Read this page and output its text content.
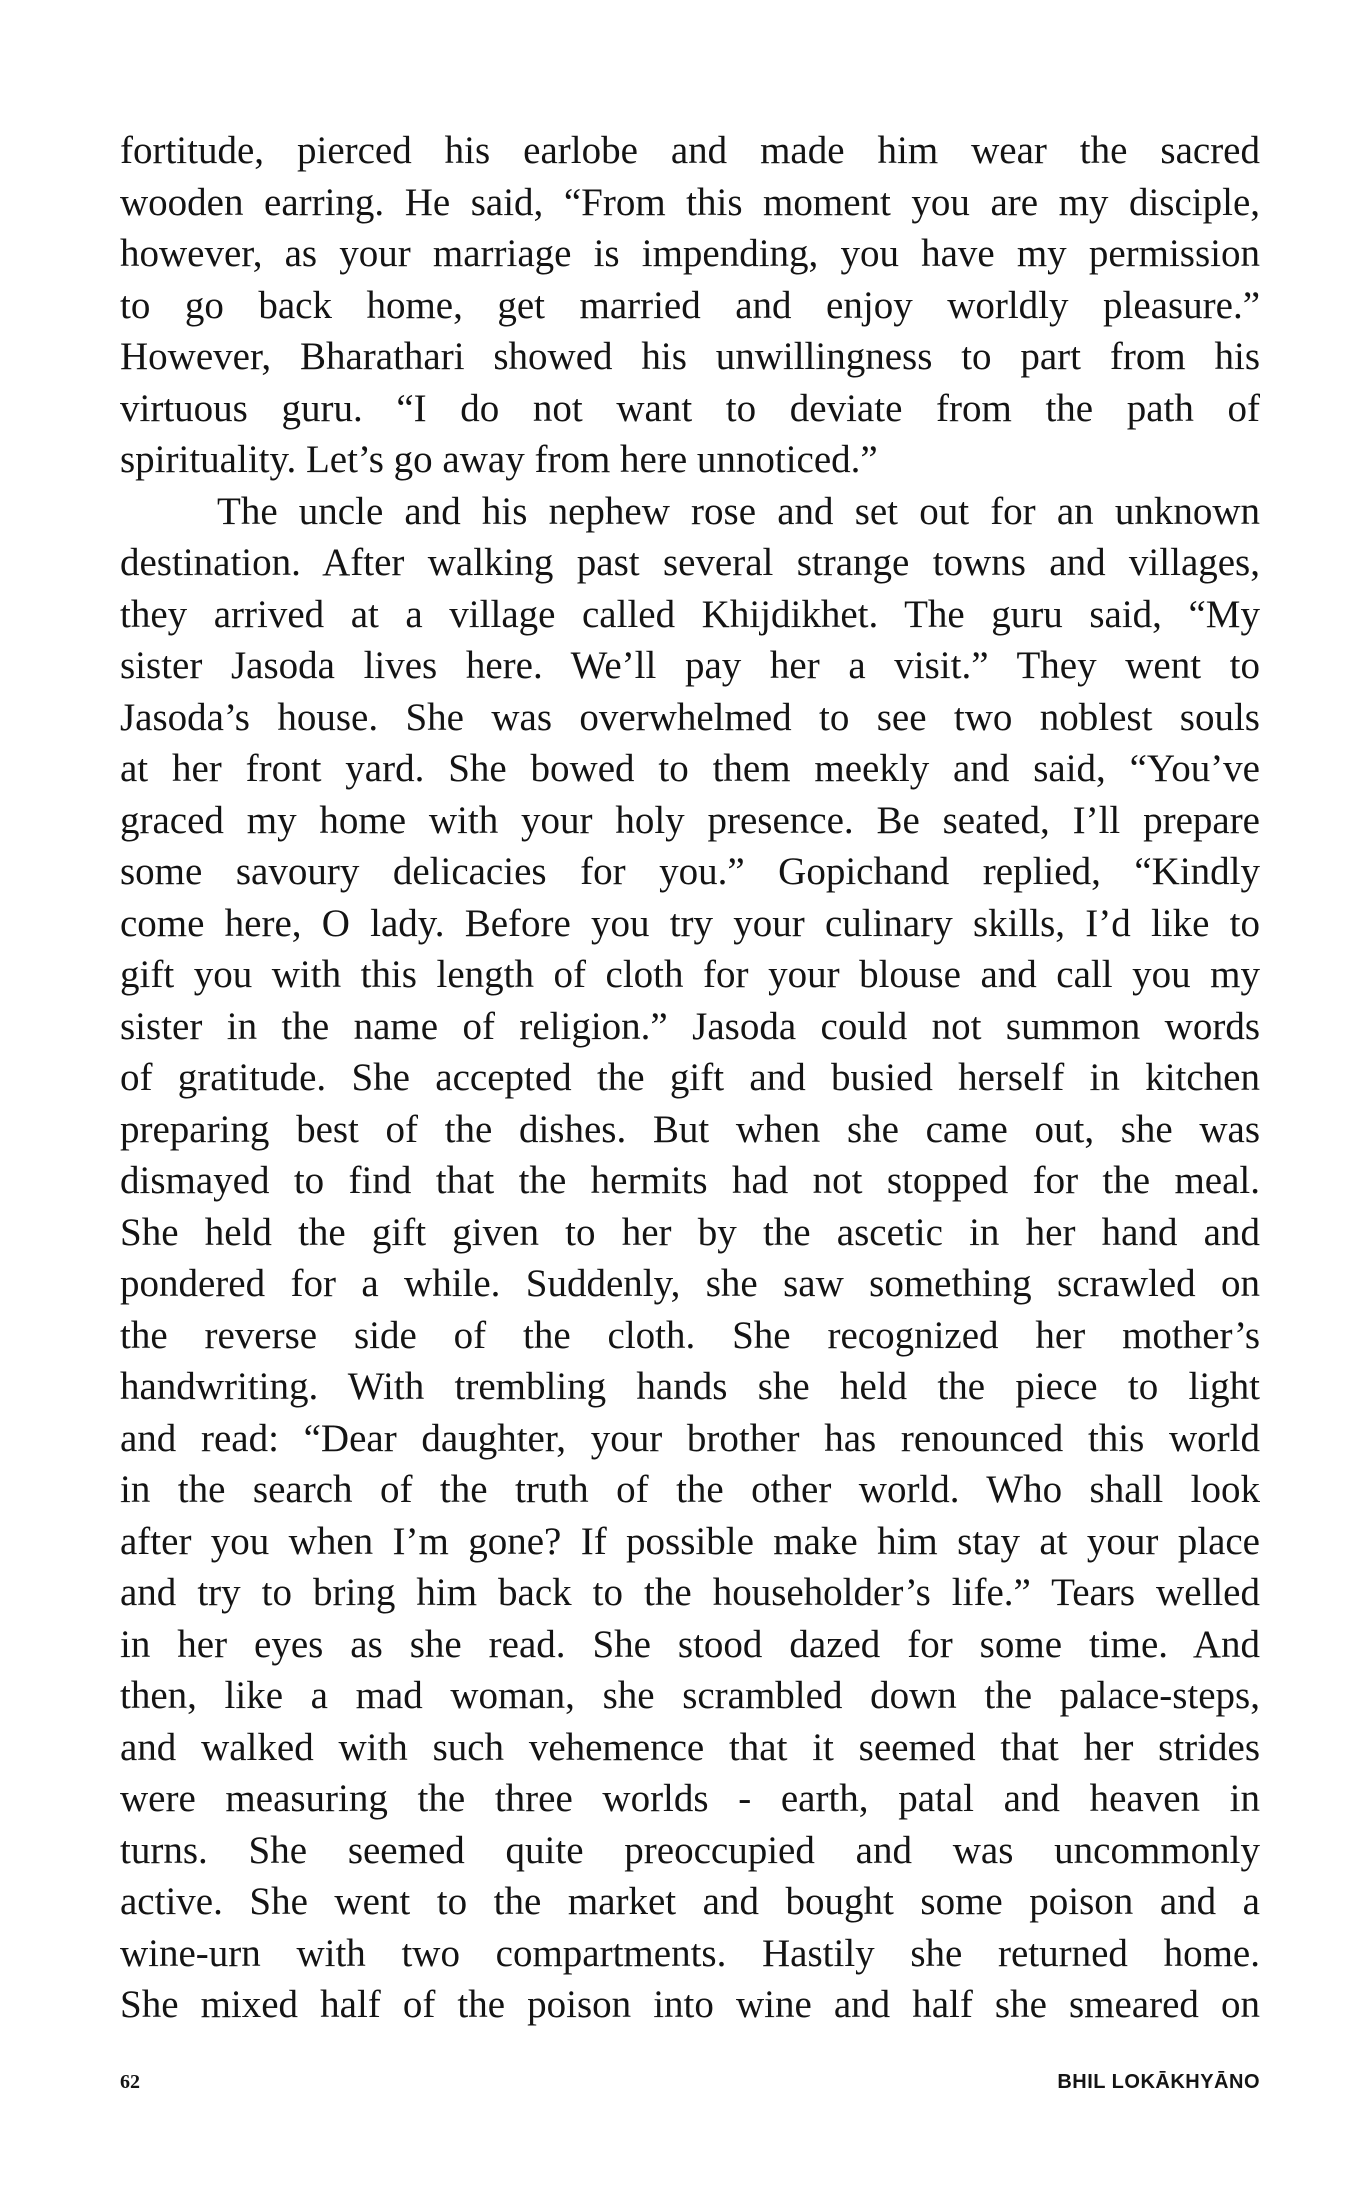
fortitude, pierced his earlobe and made him wear the sacred
wooden earring. He said, “From this moment you are my disciple,
however, as your marriage is impending, you have my permission
to go back home, get married and enjoy worldly pleasure.”
However, Bharathari showed his unwillingness to part from his
virtuous guru. “I do not want to deviate from the path of
spirituality. Let’s go away from here unnoticed.”

The uncle and his nephew rose and set out for an unknown
destination. After walking past several strange towns and villages,
they arrived at a village called Khijdikhet. The guru said, “My
sister Jasoda lives here. We’ll pay her a visit.” They went to
Jasoda’s house. She was overwhelmed to see two noblest souls
at her front yard. She bowed to them meekly and said, “You’ve
graced my home with your holy presence. Be seated, I’ll prepare
some savoury delicacies for you.” Gopichand replied, “Kindly
come here, O lady. Before you try your culinary skills, I’d like to
gift you with this length of cloth for your blouse and call you my
sister in the name of religion.” Jasoda could not summon words
of gratitude. She accepted the gift and busied herself in kitchen
preparing best of the dishes. But when she came out, she was
dismayed to find that the hermits had not stopped for the meal.
She held the gift given to her by the ascetic in her hand and
pondered for a while. Suddenly, she saw something scrawled on
the reverse side of the cloth. She recognized her mother’s
handwriting. With trembling hands she held the piece to light
and read: “Dear daughter, your brother has renounced this world
in the search of the truth of the other world. Who shall look
after you when I’m gone? If possible make him stay at your place
and try to bring him back to the householder’s life.” Tears welled
in her eyes as she read. She stood dazed for some time. And
then, like a mad woman, she scrambled down the palace-steps,
and walked with such vehemence that it seemed that her strides
were measuring the three worlds - earth, patal and heaven in
turns. She seemed quite preoccupied and was uncommonly
active. She went to the market and bought some poison and a
wine-urn with two compartments. Hastily she returned home.
She mixed half of the poison into wine and half she smeared on

62	BHIL LOKĀKHYĀNO
